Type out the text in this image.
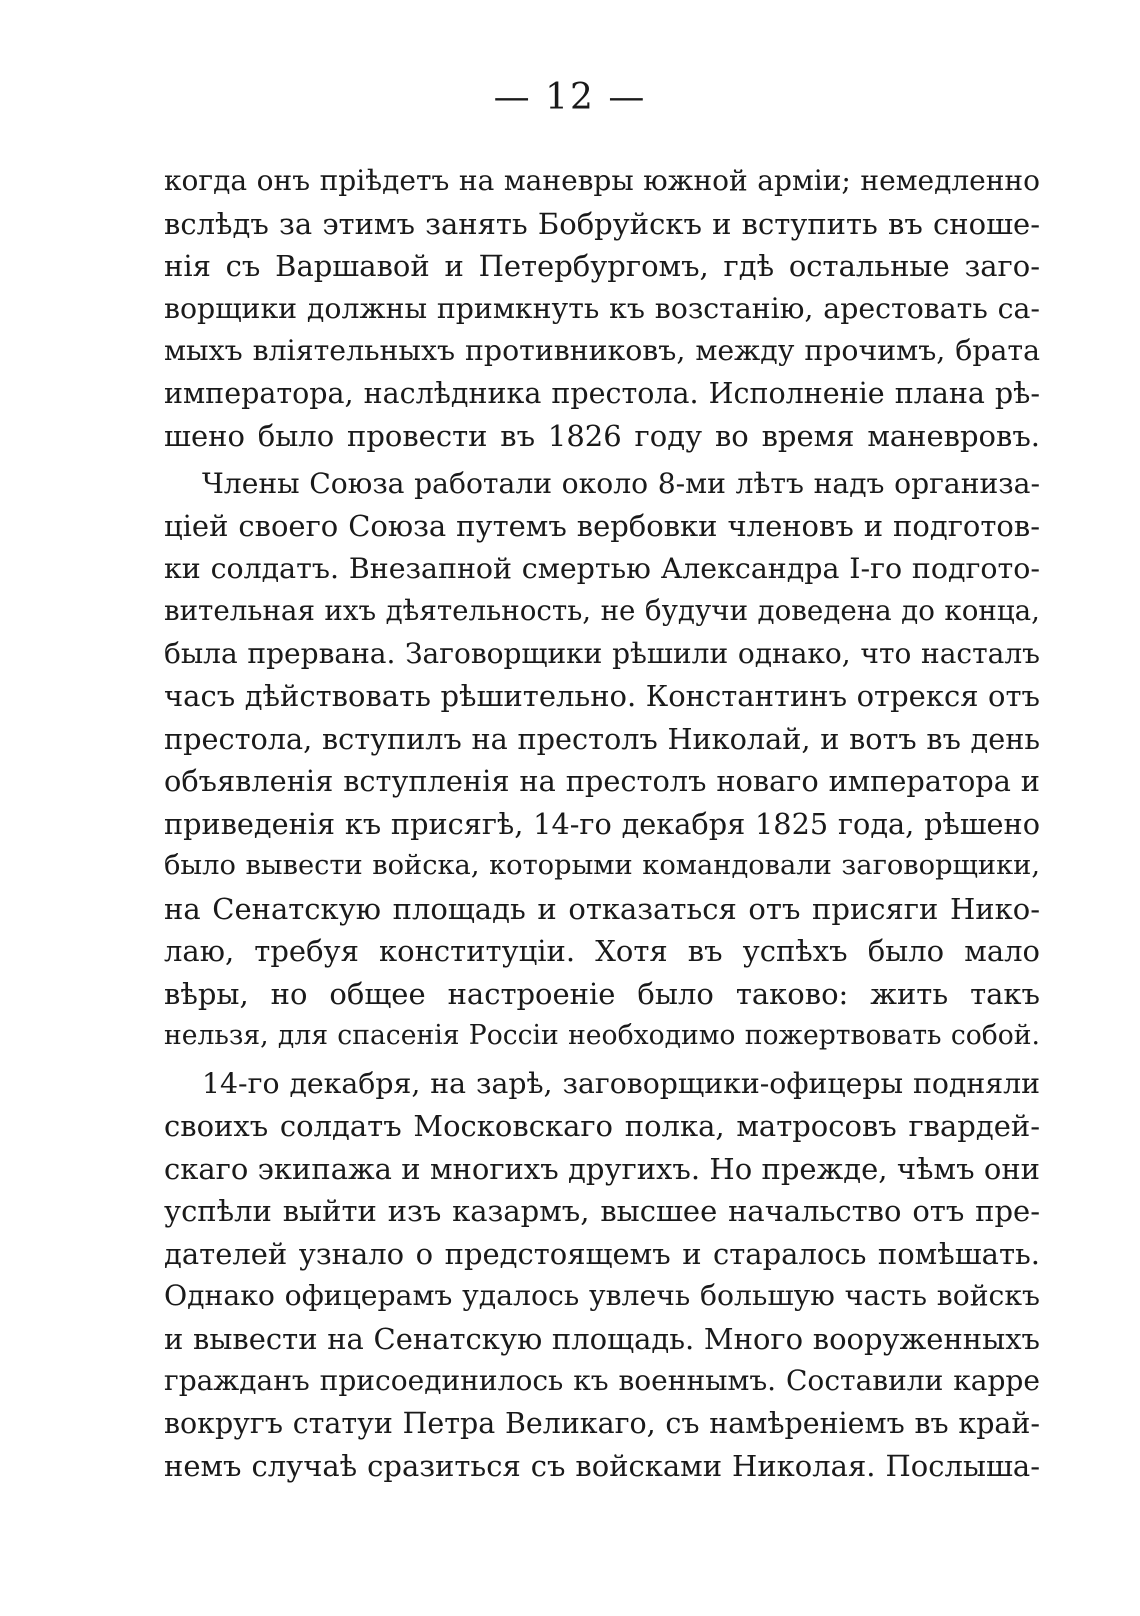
— 12 —
когда онъ пріѣдетъ на маневры южной арміи; немедленно
вслѣдъ за этимъ занять Бобруйскъ и вступить въ сноше-
нія съ Варшавой и Петербургомъ, гдѣ остальные заго-
ворщики должны примкнуть къ возстанію, арестовать са-
мыхъ вліятельныхъ противниковъ, между прочимъ, брата
императора, наслѣдника престола. Исполненіе плана рѣ-
шено было провести въ 1826 году во время маневровъ.
Члены Союза работали около 8-ми лѣтъ надъ организа-
ціей своего Союза путемъ вербовки членовъ и подготов-
ки солдатъ. Внезапной смертью Александра I-го подгото-
вительная ихъ дѣятельность, не будучи доведена до конца,
была прервана. Заговорщики рѣшили однако, что насталъ
часъ дѣйствовать рѣшительно. Константинъ отрекся отъ
престола, вступилъ на престолъ Николай, и вотъ въ день
объявленія вступленія на престолъ новаго императора и
приведенія къ присягѣ, 14-го декабря 1825 года, рѣшено
было вывести войска, которыми командовали заговорщики,
на Сенатскую площадь и отказаться отъ присяги Нико-
лаю, требуя конституціи. Хотя въ успѣхъ было мало
вѣры, но общее настроеніе было таково: жить такъ
нельзя, для спасенія Россіи необходимо пожертвовать собой.
14-го декабря, на зарѣ, заговорщики-офицеры подняли
своихъ солдатъ Московскаго полка, матросовъ гвардей-
скаго экипажа и многихъ другихъ. Но прежде, чѣмъ они
успѣли выйти изъ казармъ, высшее начальство отъ пре-
дателей узнало о предстоящемъ и старалось помѣшать.
Однако офицерамъ удалось увлечь большую часть войскъ
и вывести на Сенатскую площадь. Много вооруженныхъ
гражданъ присоединилось къ военнымъ. Составили карре
вокругъ статуи Петра Великаго, съ намѣреніемъ въ край-
немъ случаѣ сразиться съ войсками Николая. Послыша-
